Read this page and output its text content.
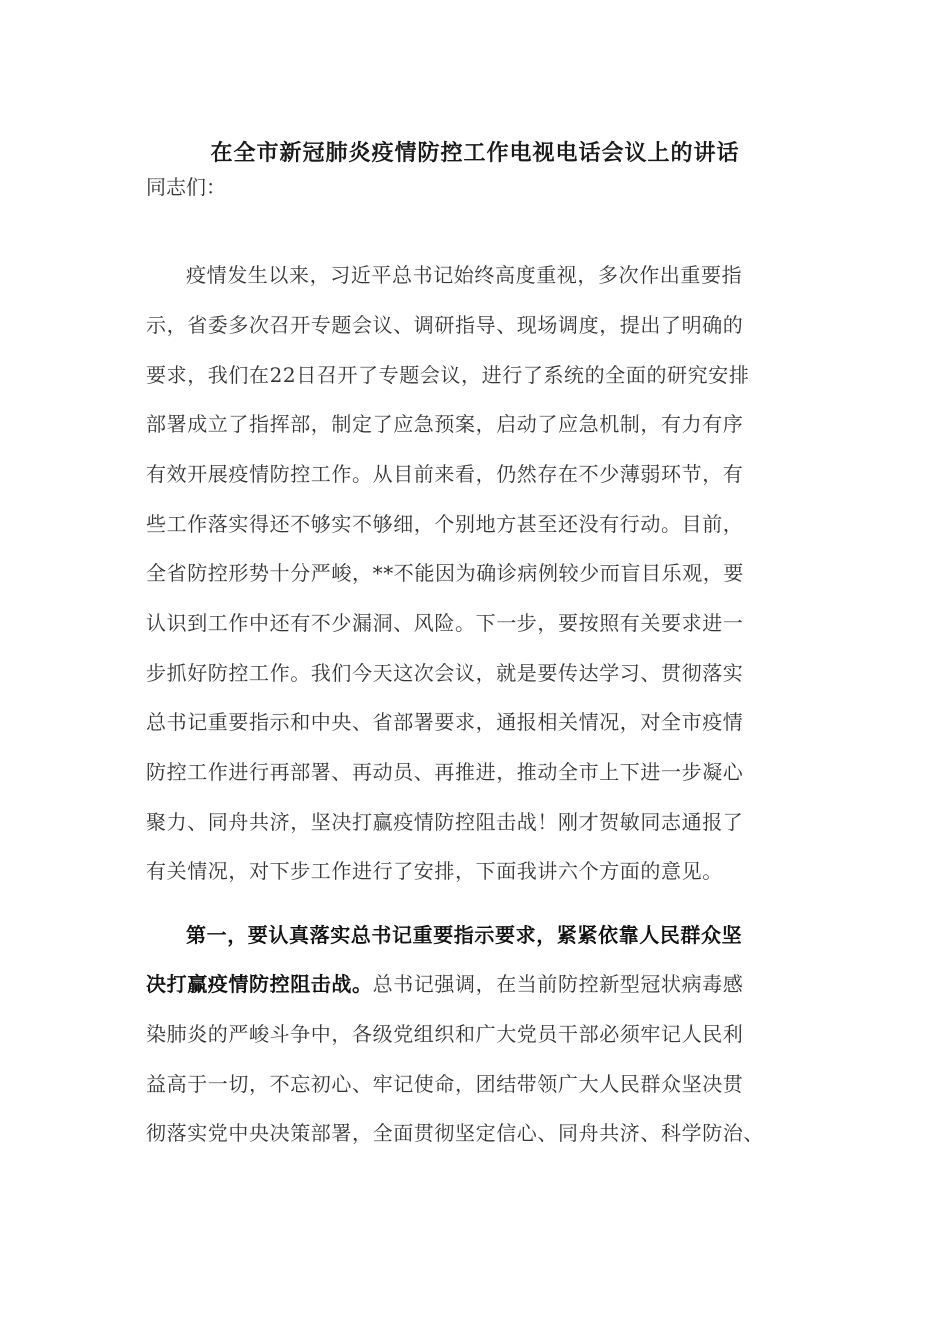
在全市新冠肺炎疫情防控工作电视电话会议上的讲话
同志们：
疫情发生以来，习近平总书记始终高度重视，多次作出重要指
示，省委多次召开专题会议、调研指导、现场调度，提出了明确的
要求，我们在22日召开了专题会议，进行了系统的全面的研究安排
部署成立了指挥部，制定了应急预案，启动了应急机制，有力有序
有效开展疫情防控工作。从目前来看，仍然存在不少薄弱环节，有
些工作落实得还不够实不够细，个别地方甚至还没有行动。目前，
全省防控形势十分严峻，**不能因为确诊病例较少而盲目乐观，要
认识到工作中还有不少漏洞、风险。下一步，要按照有关要求进一
步抓好防控工作。我们今天这次会议，就是要传达学习、贯彻落实
总书记重要指示和中央、省部署要求，通报相关情况，对全市疫情
防控工作进行再部署、再动员、再推进，推动全市上下进一步凝心
聚力、同舟共济，坚决打赢疫情防控阻击战！刚才贺敏同志通报了
有关情况，对下步工作进行了安排，下面我讲六个方面的意见。
第一，要认真落实总书记重要指示要求，紧紧依靠人民群众坚
决打赢疫情防控阻击战。总书记强调，在当前防控新型冠状病毒感
染肺炎的严峻斗争中，各级党组织和广大党员干部必须牢记人民利
益高于一切，不忘初心、牢记使命，团结带领广大人民群众坚决贯
彻落实党中央决策部署，全面贯彻坚定信心、同舟共济、科学防治、
